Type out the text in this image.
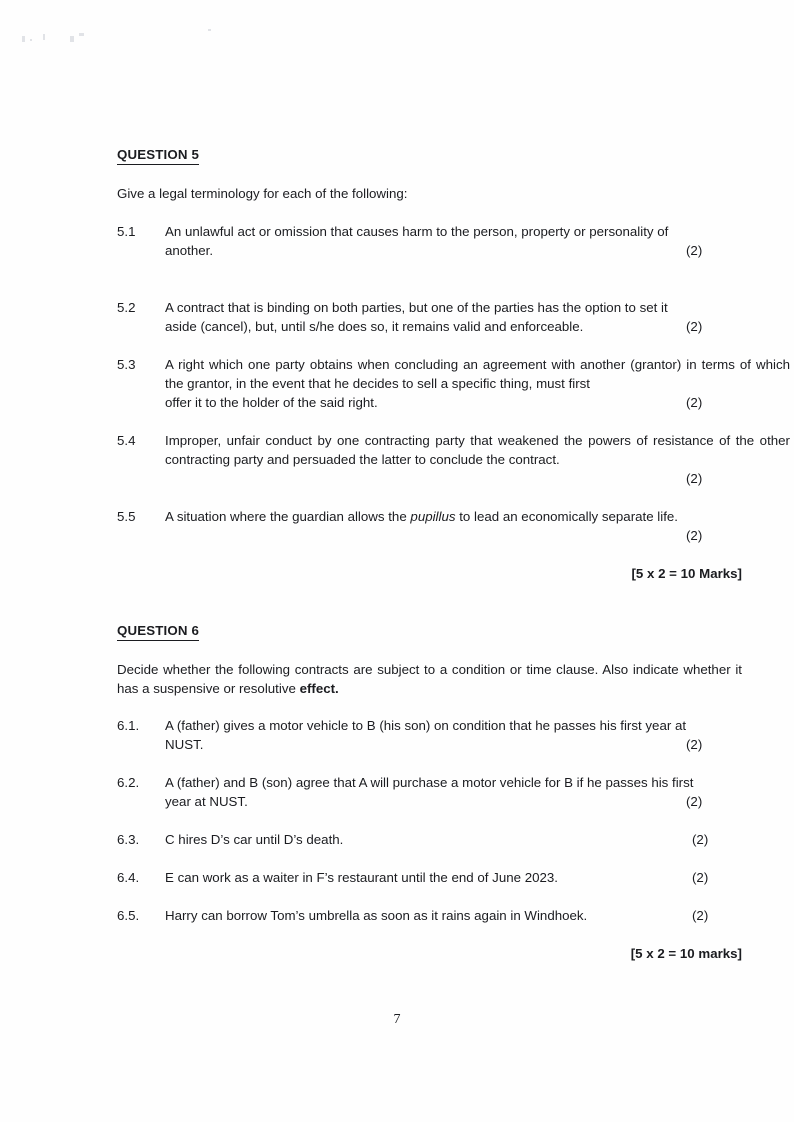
QUESTION 5
Give a legal terminology for each of the following:
5.1 An unlawful act or omission that causes harm to the person, property or personality of
another.	(2)
5.2 A contract that is binding on both parties, but one of the parties has the option to set it
aside (cancel), but, until s/he does so, it remains valid and enforceable.	(2)
5.3 A right which one party obtains when concluding an agreement with another (grantor) in terms of which the grantor, in the event that he decides to sell a specific thing, must first
offer it to the holder of the said right.	(2)
5.4 Improper, unfair conduct by one contracting party that weakened the powers of resistance of the other contracting party and persuaded the latter to conclude the contract.
(2)
5.5 A situation where the guardian allows the pupillus to lead an economically separate life.
(2)
[5 x 2 = 10 Marks]
QUESTION 6
Decide whether the following contracts are subject to a condition or time clause. Also indicate whether it has a suspensive or resolutive effect.
6.1. A (father) gives a motor vehicle to B (his son) on condition that he passes his first year at
NUST.	(2)
6.2. A (father) and B (son) agree that A will purchase a motor vehicle for B if he passes his first
year at NUST.	(2)
6.3. C hires D’s car until D’s death.	(2)
6.4. E can work as a waiter in F’s restaurant until the end of June 2023.	(2)
6.5. Harry can borrow Tom’s umbrella as soon as it rains again in Windhoek.	(2)
[5 x 2 = 10 marks]
7
